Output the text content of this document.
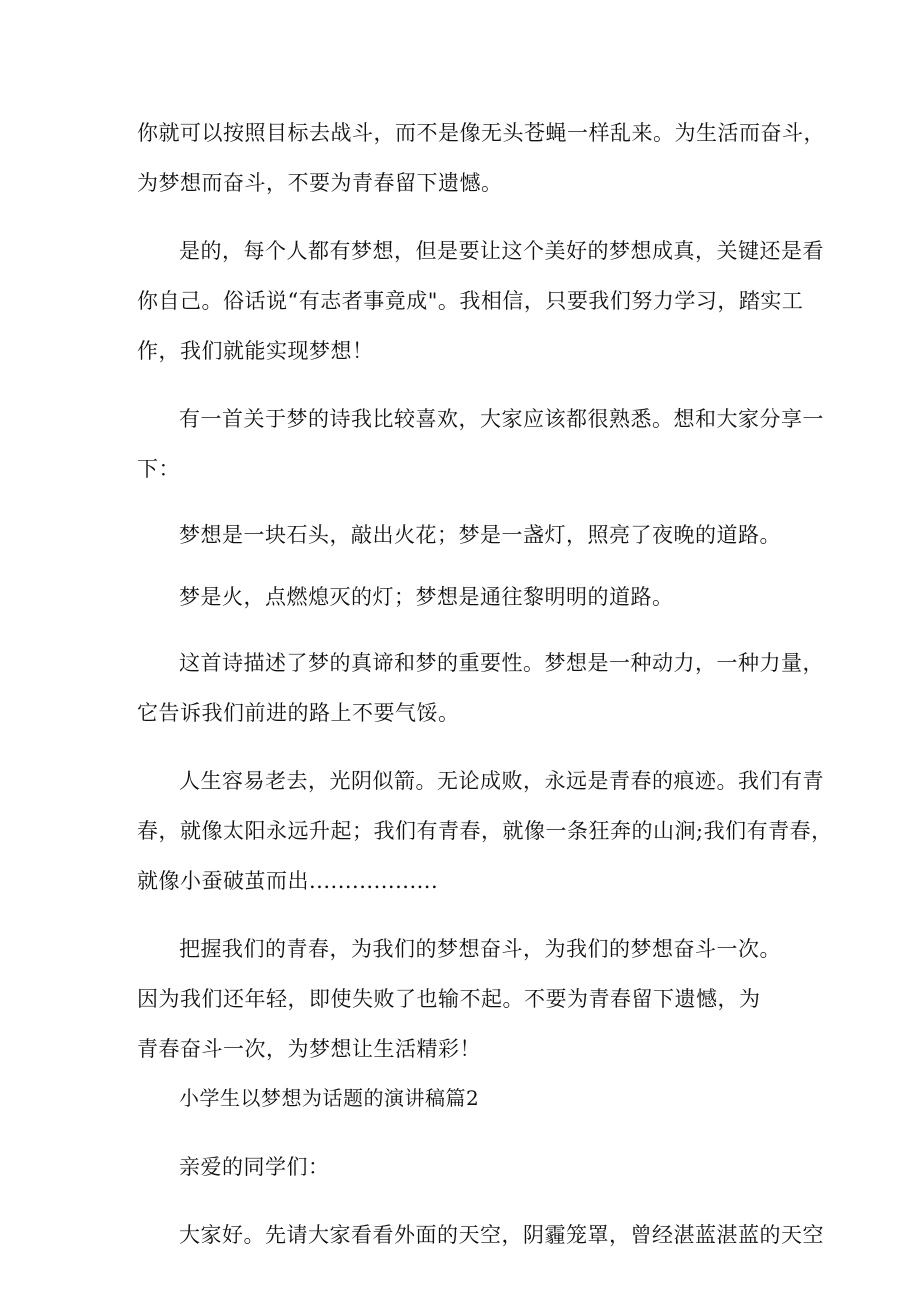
你就可以按照目标去战斗，而不是像无头苍蝇一样乱来。为生活而奋斗，
为梦想而奋斗，不要为青春留下遗憾。
是的，每个人都有梦想，但是要让这个美好的梦想成真，关键还是看
你自己。俗话说“有志者事竟成"。我相信，只要我们努力学习，踏实工
作，我们就能实现梦想！
有一首关于梦的诗我比较喜欢，大家应该都很熟悉。想和大家分享一
下：
梦想是一块石头，敲出火花；梦是一盏灯，照亮了夜晚的道路。
梦是火，点燃熄灭的灯；梦想是通往黎明明的道路。
这首诗描述了梦的真谛和梦的重要性。梦想是一种动力，一种力量，
它告诉我们前进的路上不要气馁。
人生容易老去，光阴似箭。无论成败，永远是青春的痕迹。我们有青
春，就像太阳永远升起；我们有青春，就像一条狂奔的山涧;我们有青春，
就像小蚕破茧而出..................
把握我们的青春，为我们的梦想奋斗，为我们的梦想奋斗一次。
因为我们还年轻，即使失败了也输不起。不要为青春留下遗憾，为
青春奋斗一次，为梦想让生活精彩！
小学生以梦想为话题的演讲稿篇2
亲爱的同学们：
大家好。先请大家看看外面的天空，阴霾笼罩，曾经湛蓝湛蓝的天空
